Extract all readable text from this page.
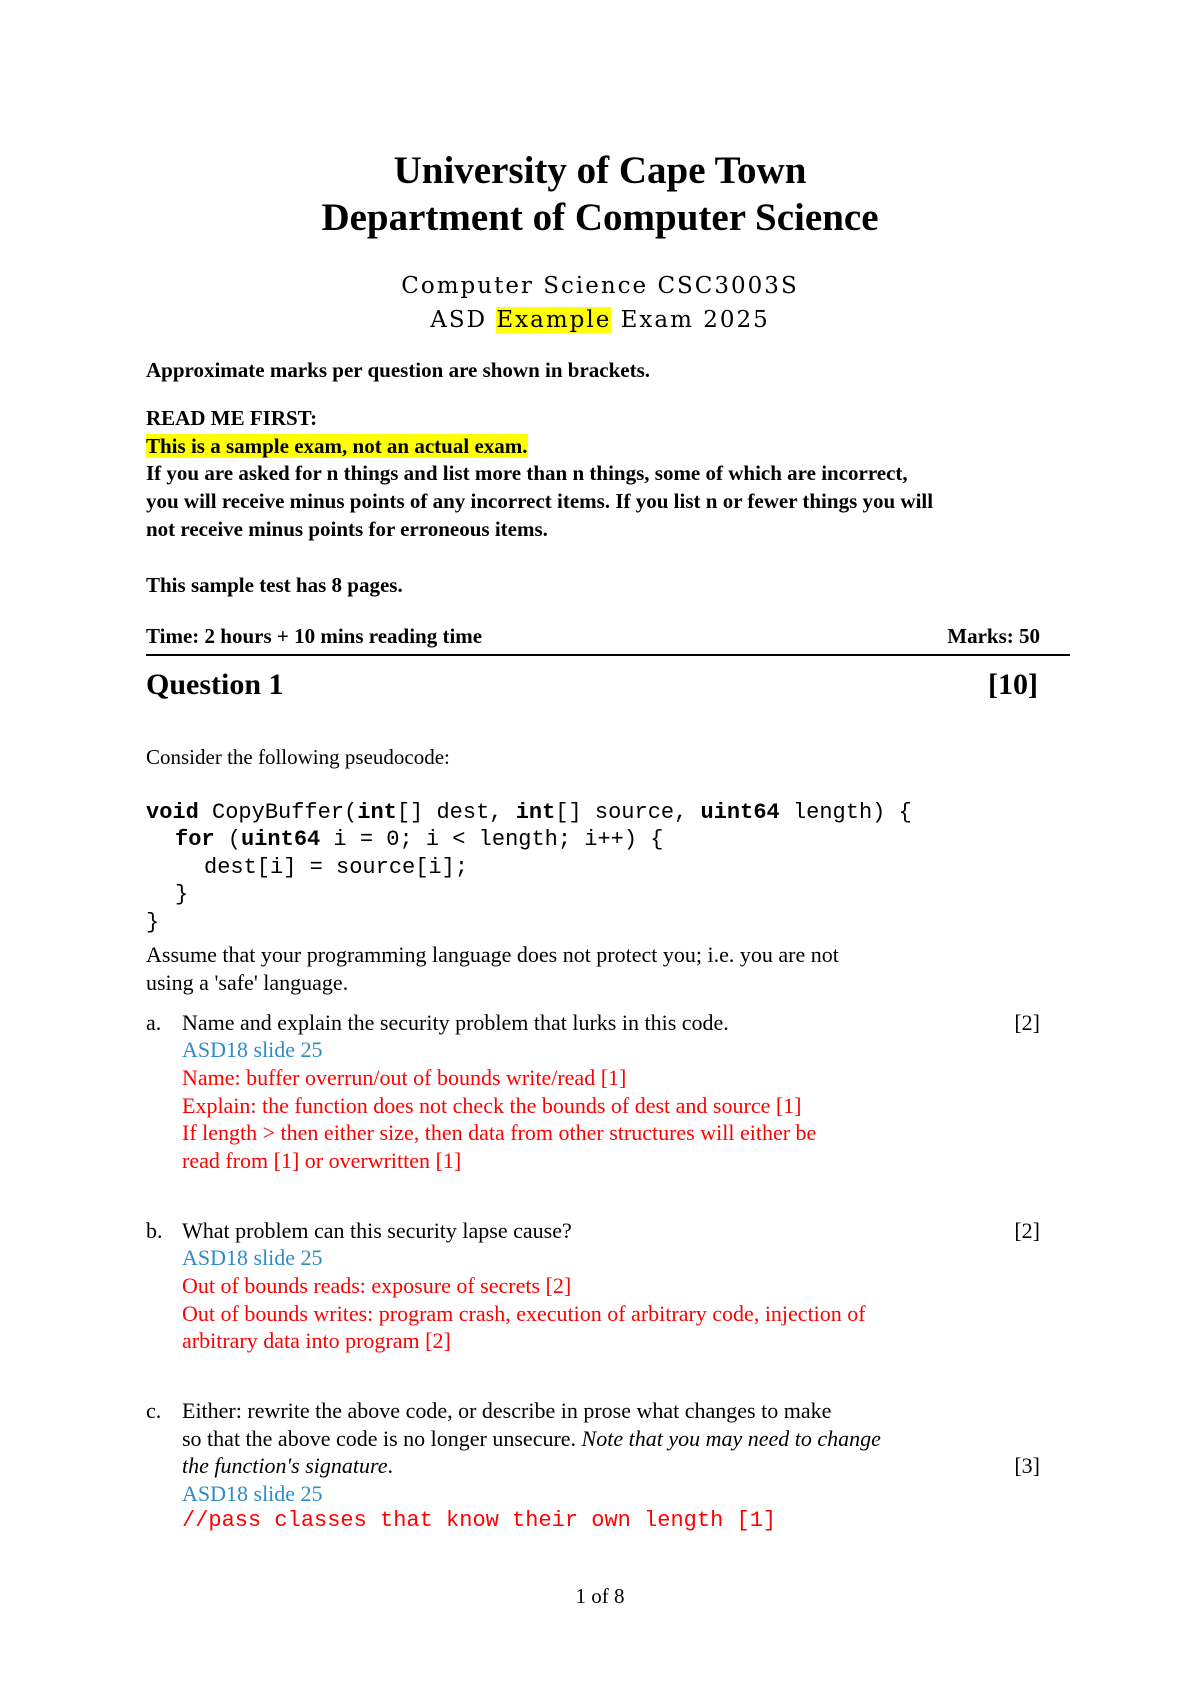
University of Cape Town
Department of Computer Science
Computer Science CSC3003S
ASD Example Exam 2025
Approximate marks per question are shown in brackets.
READ ME FIRST:
This is a sample exam, not an actual exam.
If you are asked for n things and list more than n things, some of which are incorrect,
you will receive minus points of any incorrect items. If you list n or fewer things you will
not receive minus points for erroneous items.
This sample test has 8 pages.
Time: 2 hours + 10 mins reading time	Marks: 50
Question 1	[10]
Consider the following pseudocode:
void CopyBuffer(int[] dest, int[] source, uint64 length) {
for (uint64 i = 0; i < length; i++) {
dest[i] = source[i];
}
}
Assume that your programming language does not protect you; i.e. you are not
using a 'safe' language.
a. Name and explain the security problem that lurks in this code.	[2]
ASD18 slide 25
Name: buffer overrun/out of bounds write/read [1]
Explain: the function does not check the bounds of dest and source [1]
If length > then either size, then data from other structures will either be
read from [1] or overwritten [1]
b. What problem can this security lapse cause?	[2]
ASD18 slide 25
Out of bounds reads: exposure of secrets [2]
Out of bounds writes: program crash, execution of arbitrary code, injection of
arbitrary data into program [2]
c. Either: rewrite the above code, or describe in prose what changes to make
so that the above code is no longer unsecure. Note that you may need to change
the function's signature.	[3]
ASD18 slide 25
//pass classes that know their own length [1]
1 of 8
